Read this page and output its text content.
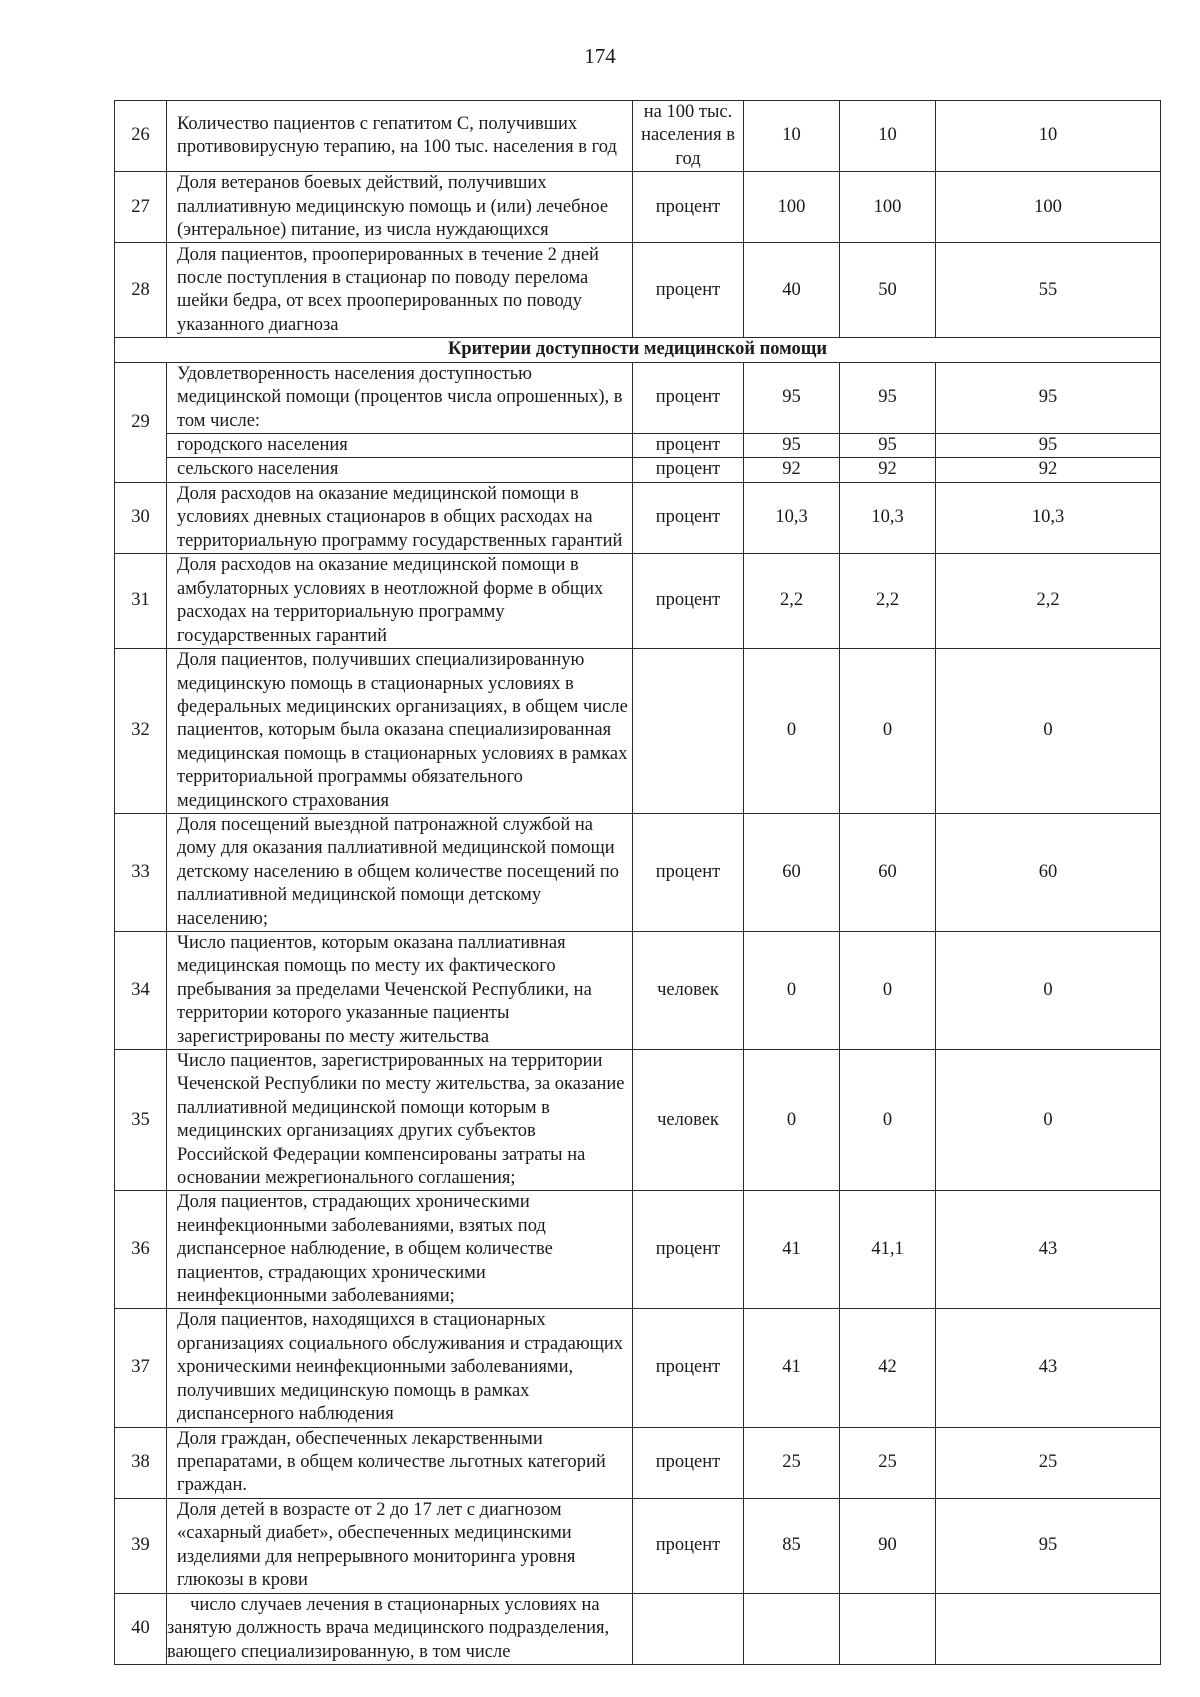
174
26	Количество пациентов с гепатитом С, получивших противовирусную терапию, на 100 тыс. населения в год	на 100 тыс. населения в год	10	10	10
27	Доля ветеранов боевых действий, получивших паллиативную медицинскую помощь и (или) лечебное (энтеральное) питание, из числа нуждающихся	процент	100	100	100
28	Доля пациентов, прооперированных в течение 2 дней после поступления в стационар по поводу перелома шейки бедра, от всех прооперированных по поводу указанного диагноза	процент	40	50	55
Критерии доступности медицинской помощи					
29	Удовлетворенность населения доступностью медицинской помощи (процентов числа опрошенных), в том числе:	процент	95	95	95
	городского населения	процент	95	95	95
	сельского населения	процент	92	92	92
30	Доля расходов на оказание медицинской помощи в условиях дневных стационаров в общих расходах на территориальную программу государственных гарантий	процент	10,3	10,3	10,3
31	Доля расходов на оказание медицинской помощи в амбулаторных условиях в неотложной форме в общих расходах на территориальную программу государственных гарантий	процент	2,2	2,2	2,2
32	Доля пациентов, получивших специализированную медицинскую помощь в стационарных условиях в федеральных медицинских организациях, в общем числе пациентов, которым была оказана специализированная медицинская помощь в стационарных условиях в рамках территориальной программы обязательного медицинского страхования		0	0	0
33	Доля посещений выездной патронажной службой на дому для оказания паллиативной медицинской помощи детскому населению в общем количестве посещений по паллиативной медицинской помощи детскому населению;	процент	60	60	60
34	Число пациентов, которым оказана паллиативная медицинская помощь по месту их фактического пребывания за пределами Чеченской Республики, на территории которого указанные пациенты зарегистрированы по месту жительства	человек	0	0	0
35	Число пациентов, зарегистрированных на территории Чеченской Республики по месту жительства, за оказание паллиативной медицинской помощи которым в медицинских организациях других субъектов Российской Федерации компенсированы затраты на основании межрегионального соглашения;	человек	0	0	0
36	Доля пациентов, страдающих хроническими неинфекционными заболеваниями, взятых под диспансерное наблюдение, в общем количестве пациентов, страдающих хроническими неинфекционными заболеваниями;	процент	41	41,1	43
37	Доля пациентов, находящихся в стационарных организациях социального обслуживания и страдающих хроническими неинфекционными заболеваниями, получивших медицинскую помощь в рамках диспансерного наблюдения	процент	41	42	43
38	Доля граждан, обеспеченных лекарственными препаратами, в общем количестве льготных категорий граждан.	процент	25	25	25
39	Доля детей в возрасте от 2 до 17 лет с диагнозом «сахарный диабет», обеспеченных медицинскими изделиями для непрерывного мониторинга уровня глюкозы в крови	процент	85	90	95
40	число случаев лечения в стационарных условиях на
занятую должность врача медицинского подразделения,
вающего специализированную, в том числе				
